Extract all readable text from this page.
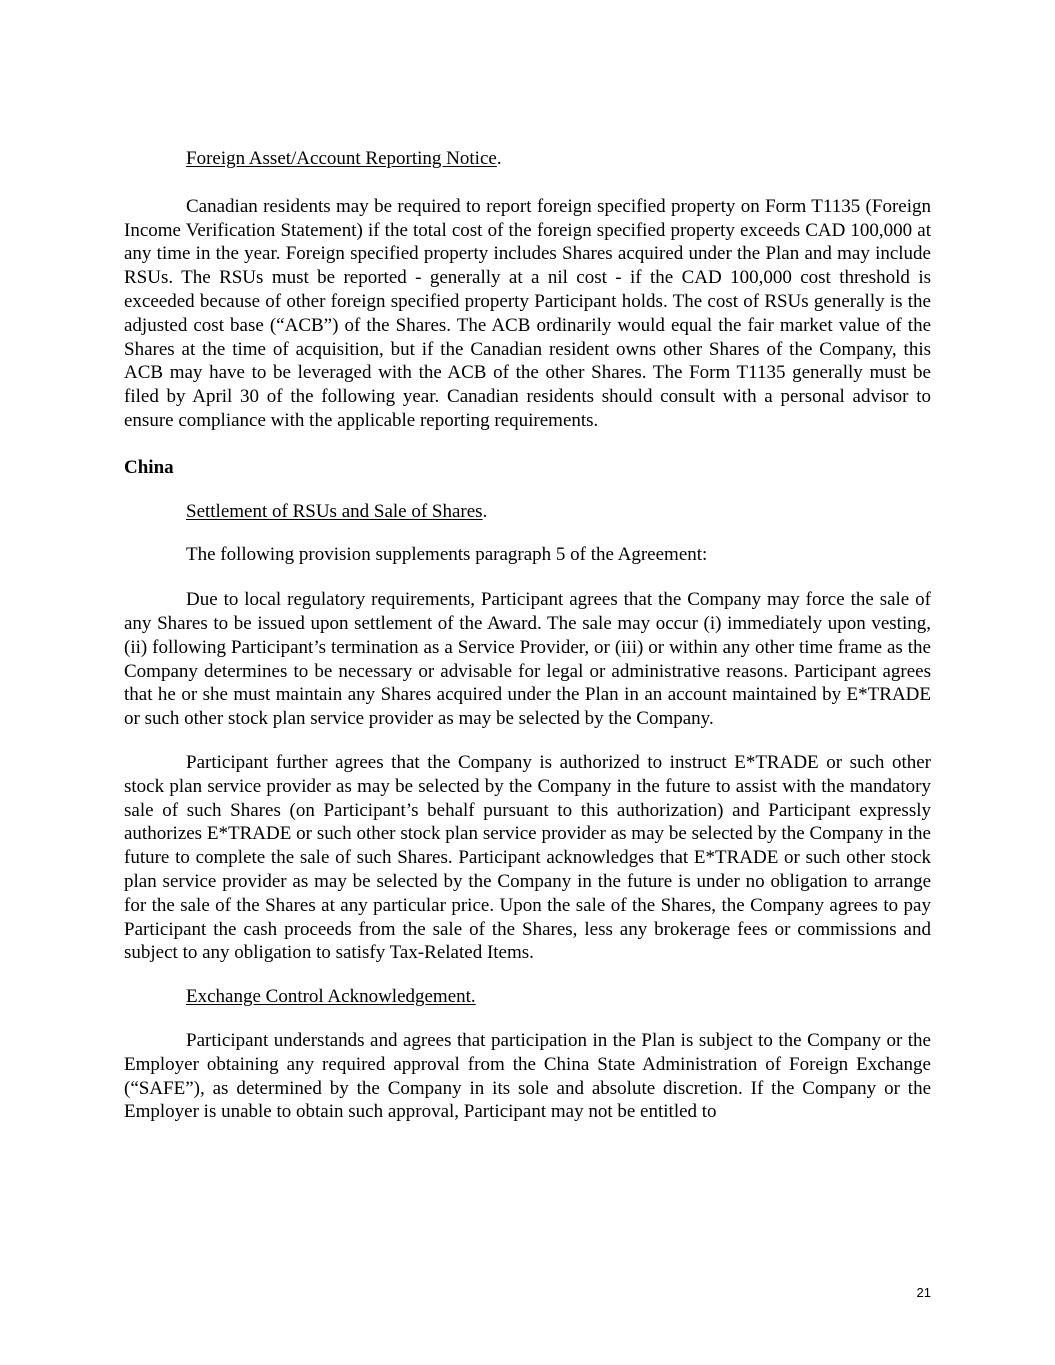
Foreign Asset/Account Reporting Notice.

Canadian residents may be required to report foreign specified property on Form T1135 (Foreign Income Verification Statement) if the total cost of the foreign specified property exceeds CAD 100,000 at any time in the year. Foreign specified property includes Shares acquired under the Plan and may include RSUs. The RSUs must be reported - generally at a nil cost - if the CAD 100,000 cost threshold is exceeded because of other foreign specified property Participant holds. The cost of RSUs generally is the adjusted cost base (“ACB”) of the Shares. The ACB ordinarily would equal the fair market value of the Shares at the time of acquisition, but if the Canadian resident owns other Shares of the Company, this ACB may have to be leveraged with the ACB of the other Shares. The Form T1135 generally must be filed by April 30 of the following year. Canadian residents should consult with a personal advisor to ensure compliance with the applicable reporting requirements.

China

Settlement of RSUs and Sale of Shares.

The following provision supplements paragraph 5 of the Agreement:

Due to local regulatory requirements, Participant agrees that the Company may force the sale of any Shares to be issued upon settlement of the Award. The sale may occur (i) immediately upon vesting, (ii) following Participant’s termination as a Service Provider, or (iii) or within any other time frame as the Company determines to be necessary or advisable for legal or administrative reasons. Participant agrees that he or she must maintain any Shares acquired under the Plan in an account maintained by E*TRADE or such other stock plan service provider as may be selected by the Company.

Participant further agrees that the Company is authorized to instruct E*TRADE or such other stock plan service provider as may be selected by the Company in the future to assist with the mandatory sale of such Shares (on Participant’s behalf pursuant to this authorization) and Participant expressly authorizes E*TRADE or such other stock plan service provider as may be selected by the Company in the future to complete the sale of such Shares. Participant acknowledges that E*TRADE or such other stock plan service provider as may be selected by the Company in the future is under no obligation to arrange for the sale of the Shares at any particular price. Upon the sale of the Shares, the Company agrees to pay Participant the cash proceeds from the sale of the Shares, less any brokerage fees or commissions and subject to any obligation to satisfy Tax-Related Items.

Exchange Control Acknowledgement.

Participant understands and agrees that participation in the Plan is subject to the Company or the Employer obtaining any required approval from the China State Administration of Foreign Exchange (“SAFE”), as determined by the Company in its sole and absolute discretion. If the Company or the Employer is unable to obtain such approval, Participant may not be entitled to

21
